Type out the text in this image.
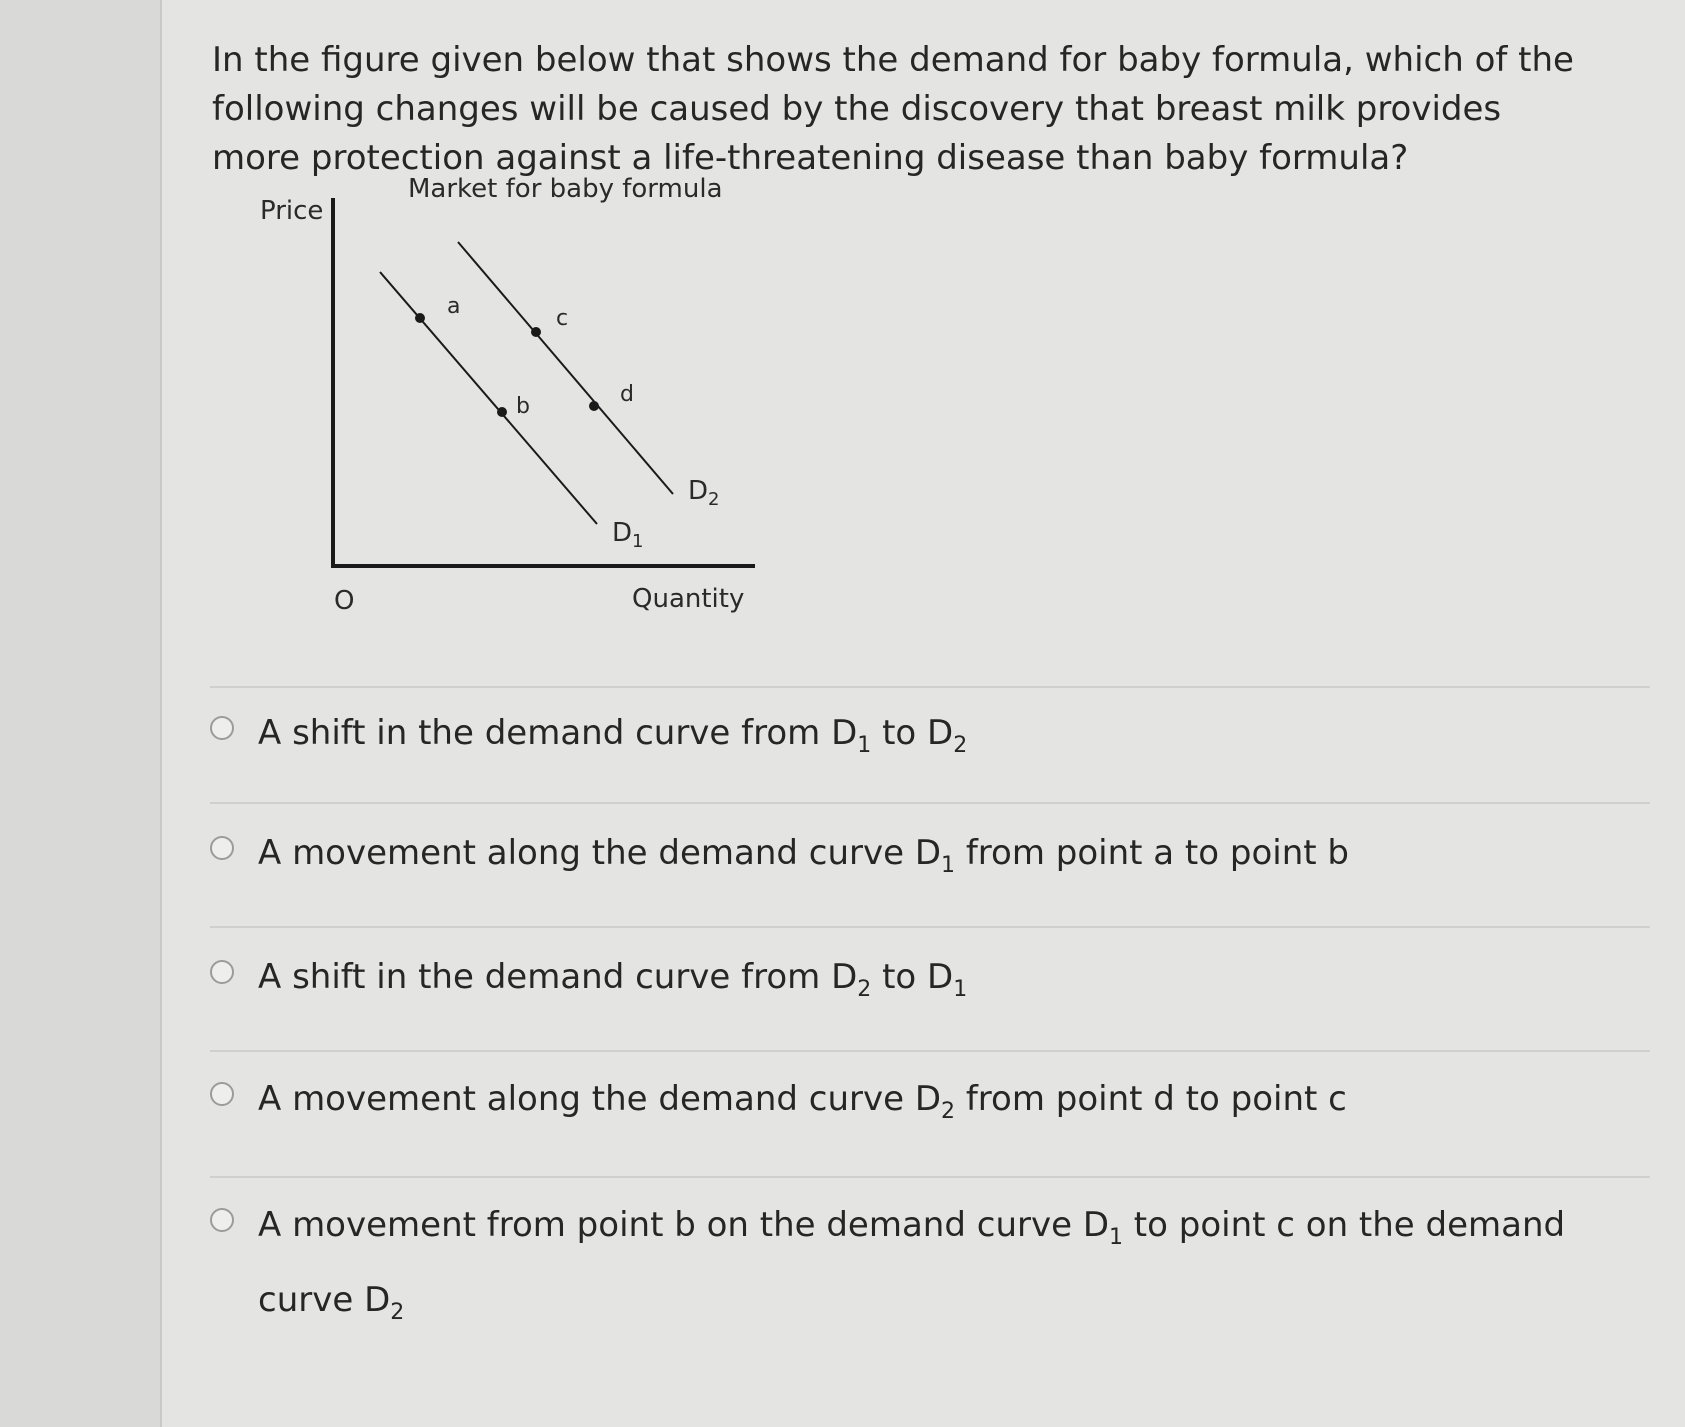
In the figure given below that shows the demand for baby formula, which of the following changes will be caused by the discovery that breast milk provides more protection against a life-threatening disease than baby formula?
Market for baby formula
Price
Quantity
O
a
b
c
d
$D_1$
$D_2$
A shift in the demand curve from $D_1$ to $D_2$
A movement along the demand curve $D_1$ from point a to point b
A shift in the demand curve from $D_2$ to $D_1$
A movement along the demand curve $D_2$ from point d to point c
A movement from point b on the demand curve $D_1$ to point c on the demand curve $D_2$
